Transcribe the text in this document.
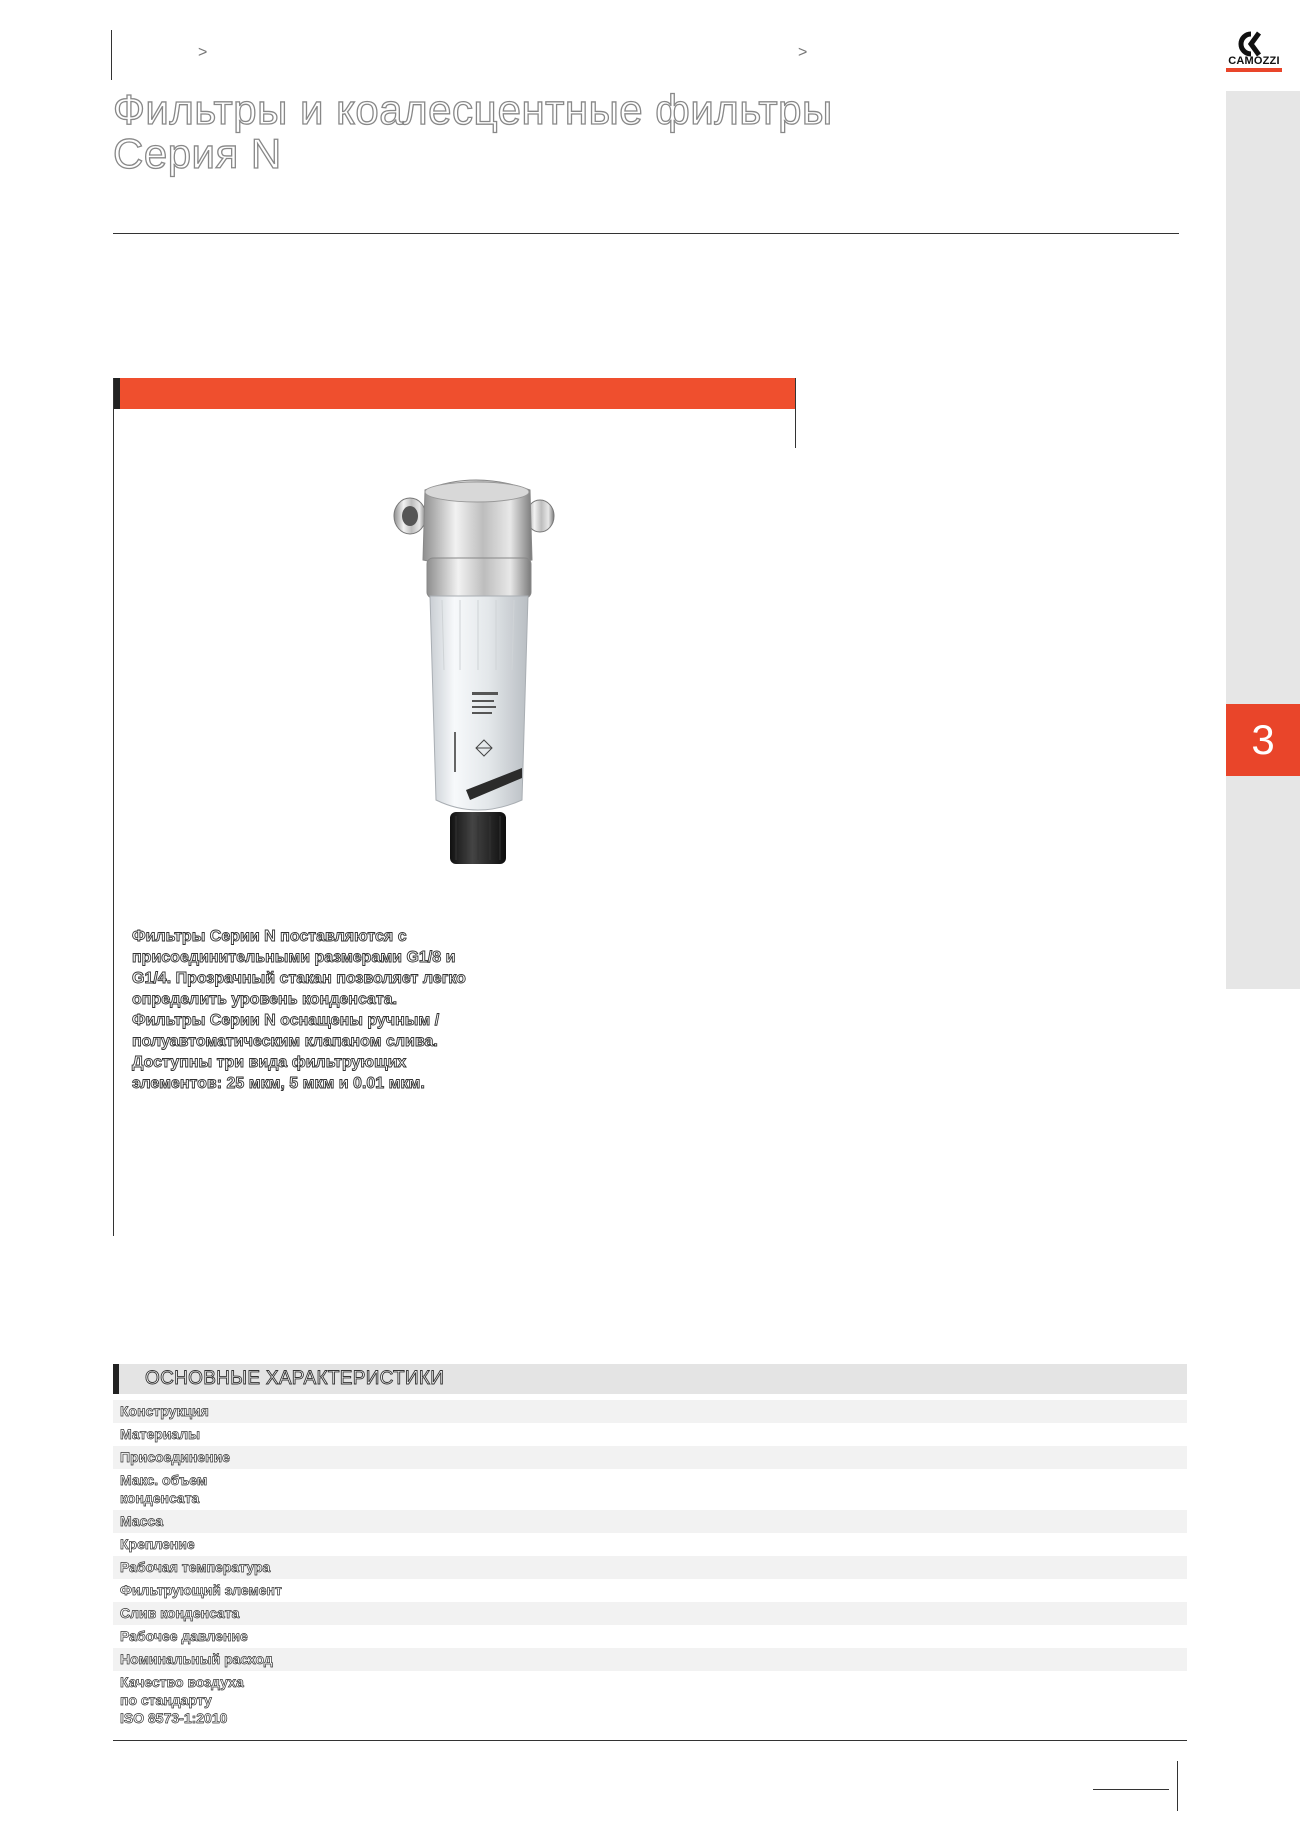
>	>
Фильтры и коалесцентные фильтры
Серия N
CAMOZZI
3

Фильтры Серии N поставляются с присоединительными размерами G1/8 и G1/4. Прозрачный стакан позволяет легко определить уровень конденсата. Фильтры Серии N оснащены ручным / полуавтоматическим клапаном слива. Доступны три вида фильтрующих элементов: 25 мкм, 5 мкм и 0.01 мкм.

ОСНОВНЫЕ ХАРАКТЕРИСТИКИ
Конструкция
Материалы
Присоединение
Макс. объем
конденсата
Масса
Крепление
Рабочая температура
Фильтрующий элемент
Слив конденсата
Рабочее давление
Номинальный расход
Качество воздуха
по стандарту
ISO 8573-1:2010
